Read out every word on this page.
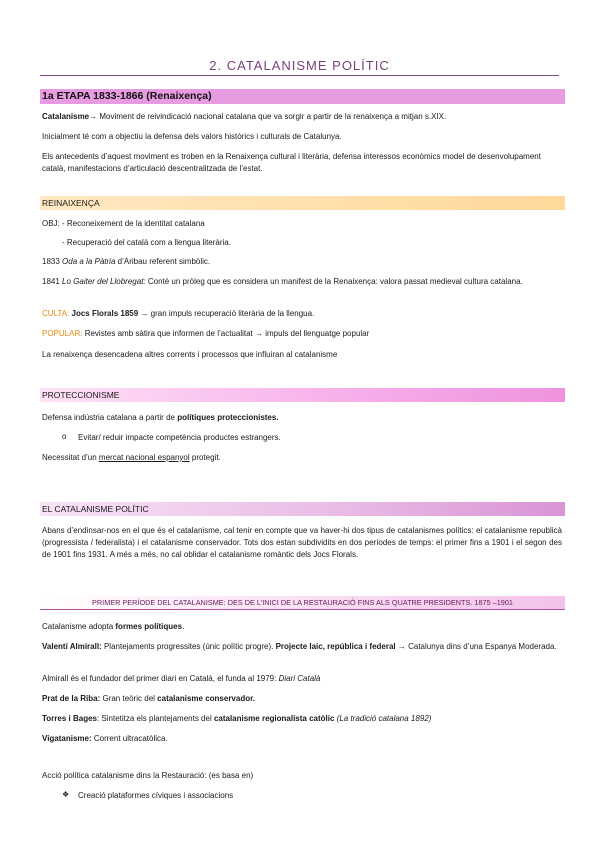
2. CATALANISME POLÍTIC
1a ETAPA 1833-1866 (Renaixença)
Catalanisme→ Moviment de reivindicació nacional catalana que va sorgir a partir de la renaixença a mitjan s.XIX.
Inicialment té com a objectiu la defensa dels valors històrics i culturals de Catalunya.
Els antecedents d’aquest moviment es troben en la Renaixença cultural i literària, defensa interessos econòmics model de desenvolupament català, manifestacions d’articulació descentralitzada de l’estat.
REINAIXENÇA
OBJ: - Reconeixement de la identitat catalana
- Recuperació del català com a llengua literària.
1833 Oda a la Pàtria d’Aribau referent simbòlic.
1841 Lo Gaiter del Llobregat: Conté un pròleg que es considera un manifest de la Renaixença: valora passat medieval cultura catalana.
CULTA: Jocs Florals 1859 → gran impuls recuperació literària de la llengua.
POPULAR: Revistes amb sàtira que informen de l’actualitat → impuls del llenguatge popular
La renaixença desencadena altres corrents i processos que influiran al catalanisme
PROTECCIONISME
Defensa indústria catalana a partir de polítiques proteccionistes.
o Evitar/ reduir impacte competència productes estrangers.
Necessitat d’un mercat nacional espanyol protegit.
EL CATALANISME POLÍTIC
Abans d’endinsar-nos en el que és el catalanisme, cal tenir en compte que va haver-hi dos tipus de catalanismes polítics: el catalanisme republicà (progressista / federalista) i el catalanisme conservador. Tots dos estan subdividits en dos períodes de temps: el primer fins a 1901 i el segon des de 1901 fins 1931. A més a més, no cal oblidar el catalanisme romàntic dels Jocs Florals.
PRIMER PERÍODE DEL CATALANISME: DES DE L’INICI DE LA RESTAURACIÓ FINS ALS QUATRE PRESIDENTS. 1875 –1901
Catalanisme adopta formes polítiques.
Valentí Almirall: Plantejaments progressites (únic polític progre). Projecte laic, república i federal → Catalunya dins d’una Espanya Moderada.
Almirall és el fundador del primer diari en Català, el funda al 1979: Diari Català
Prat de la Riba: Gran teòric del catalanisme conservador.
Torres i Bages: Sintetitza els plantejaments del catalanisme regionalista catòlic (La tradició catalana 1892)
Vigatanisme: Corrent ultracatòlica.
Acció política catalanisme dins la Restauració: (es basa en)
❖ Creació plataformes cíviques i associacions
